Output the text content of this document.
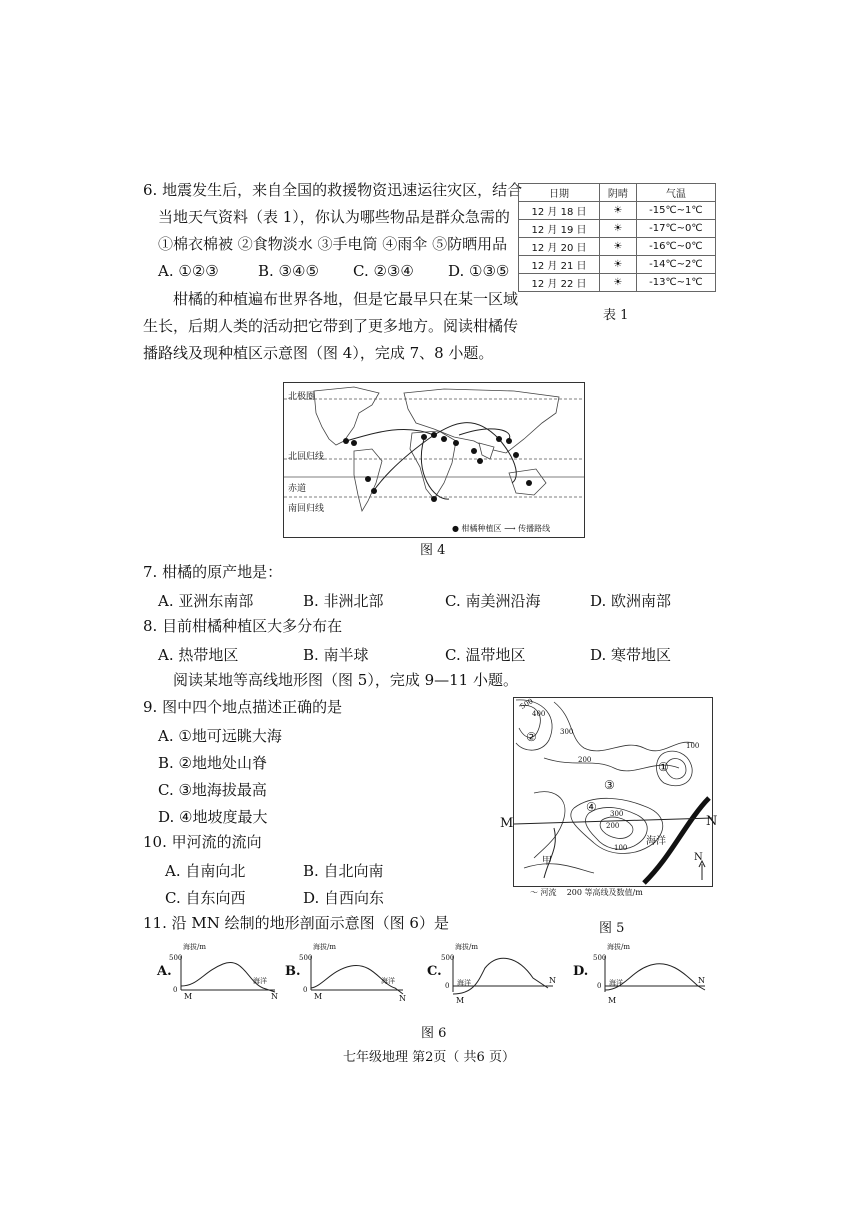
6. 地震发生后，来自全国的救援物资迅速运往灾区，结合
当地天气资料（表 1），你认为哪些物品是群众急需的
①棉衣棉被 ②食物淡水 ③手电筒 ④雨伞 ⑤防晒用品
A. ①②③	B. ③④⑤ C. ②③④ D. ①③⑤
日期	阴晴	气温
12 月 18 日	☀	-15℃~1℃
12 月 19 日	☀	-17℃~0℃
12 月 20 日	☀	-16℃~0℃
12 月 21 日	☀	-14℃~2℃
12 月 22 日	☀	-13℃~1℃
表 1
柑橘的种植遍布世界各地，但是它最早只在某一区域
生长，后期人类的活动把它带到了更多地方。阅读柑橘传
播路线及现种植区示意图（图 4），完成 7、8 小题。
北极圈
北回归线
赤道
南回归线
● 柑橘种植区 ⟶ 传播路线
图 4
7. 柑橘的原产地是：
A. 亚洲东南部	B. 非洲北部	C. 南美洲沿海	D. 欧洲南部
8. 目前柑橘种植区大多分布在
A. 热带地区	B. 南半球	C. 温带地区	D. 寒带地区
阅读某地等高线地形图（图 5），完成 9—11 小题。
9. 图中四个地点描述正确的是
A. ①地可远眺大海
B. ②地地处山脊
C. ③地海拔最高
D. ④地坡度最大
10. 甲河流的流向
A. 自南向北	B. 自北向南
C. 自东向西	D. 自西向东
11. 沿 MN 绘制的地形剖面示意图（图 6）是
②
③
①
④
甲
海洋
N
500
400
300
200
100
300
200
100
M	N
～ 河流 200 等高线及数值/m
图 5
A.	B.	C.	D.
海拔/m	海拔/m	海拔/m	海拔/m
M
海洋
N	M
海洋
N	M
海洋	N
M
海洋	N
500	500	500	500
0	0	0	0
图 6
七年级地理 第2页（ 共6 页）
